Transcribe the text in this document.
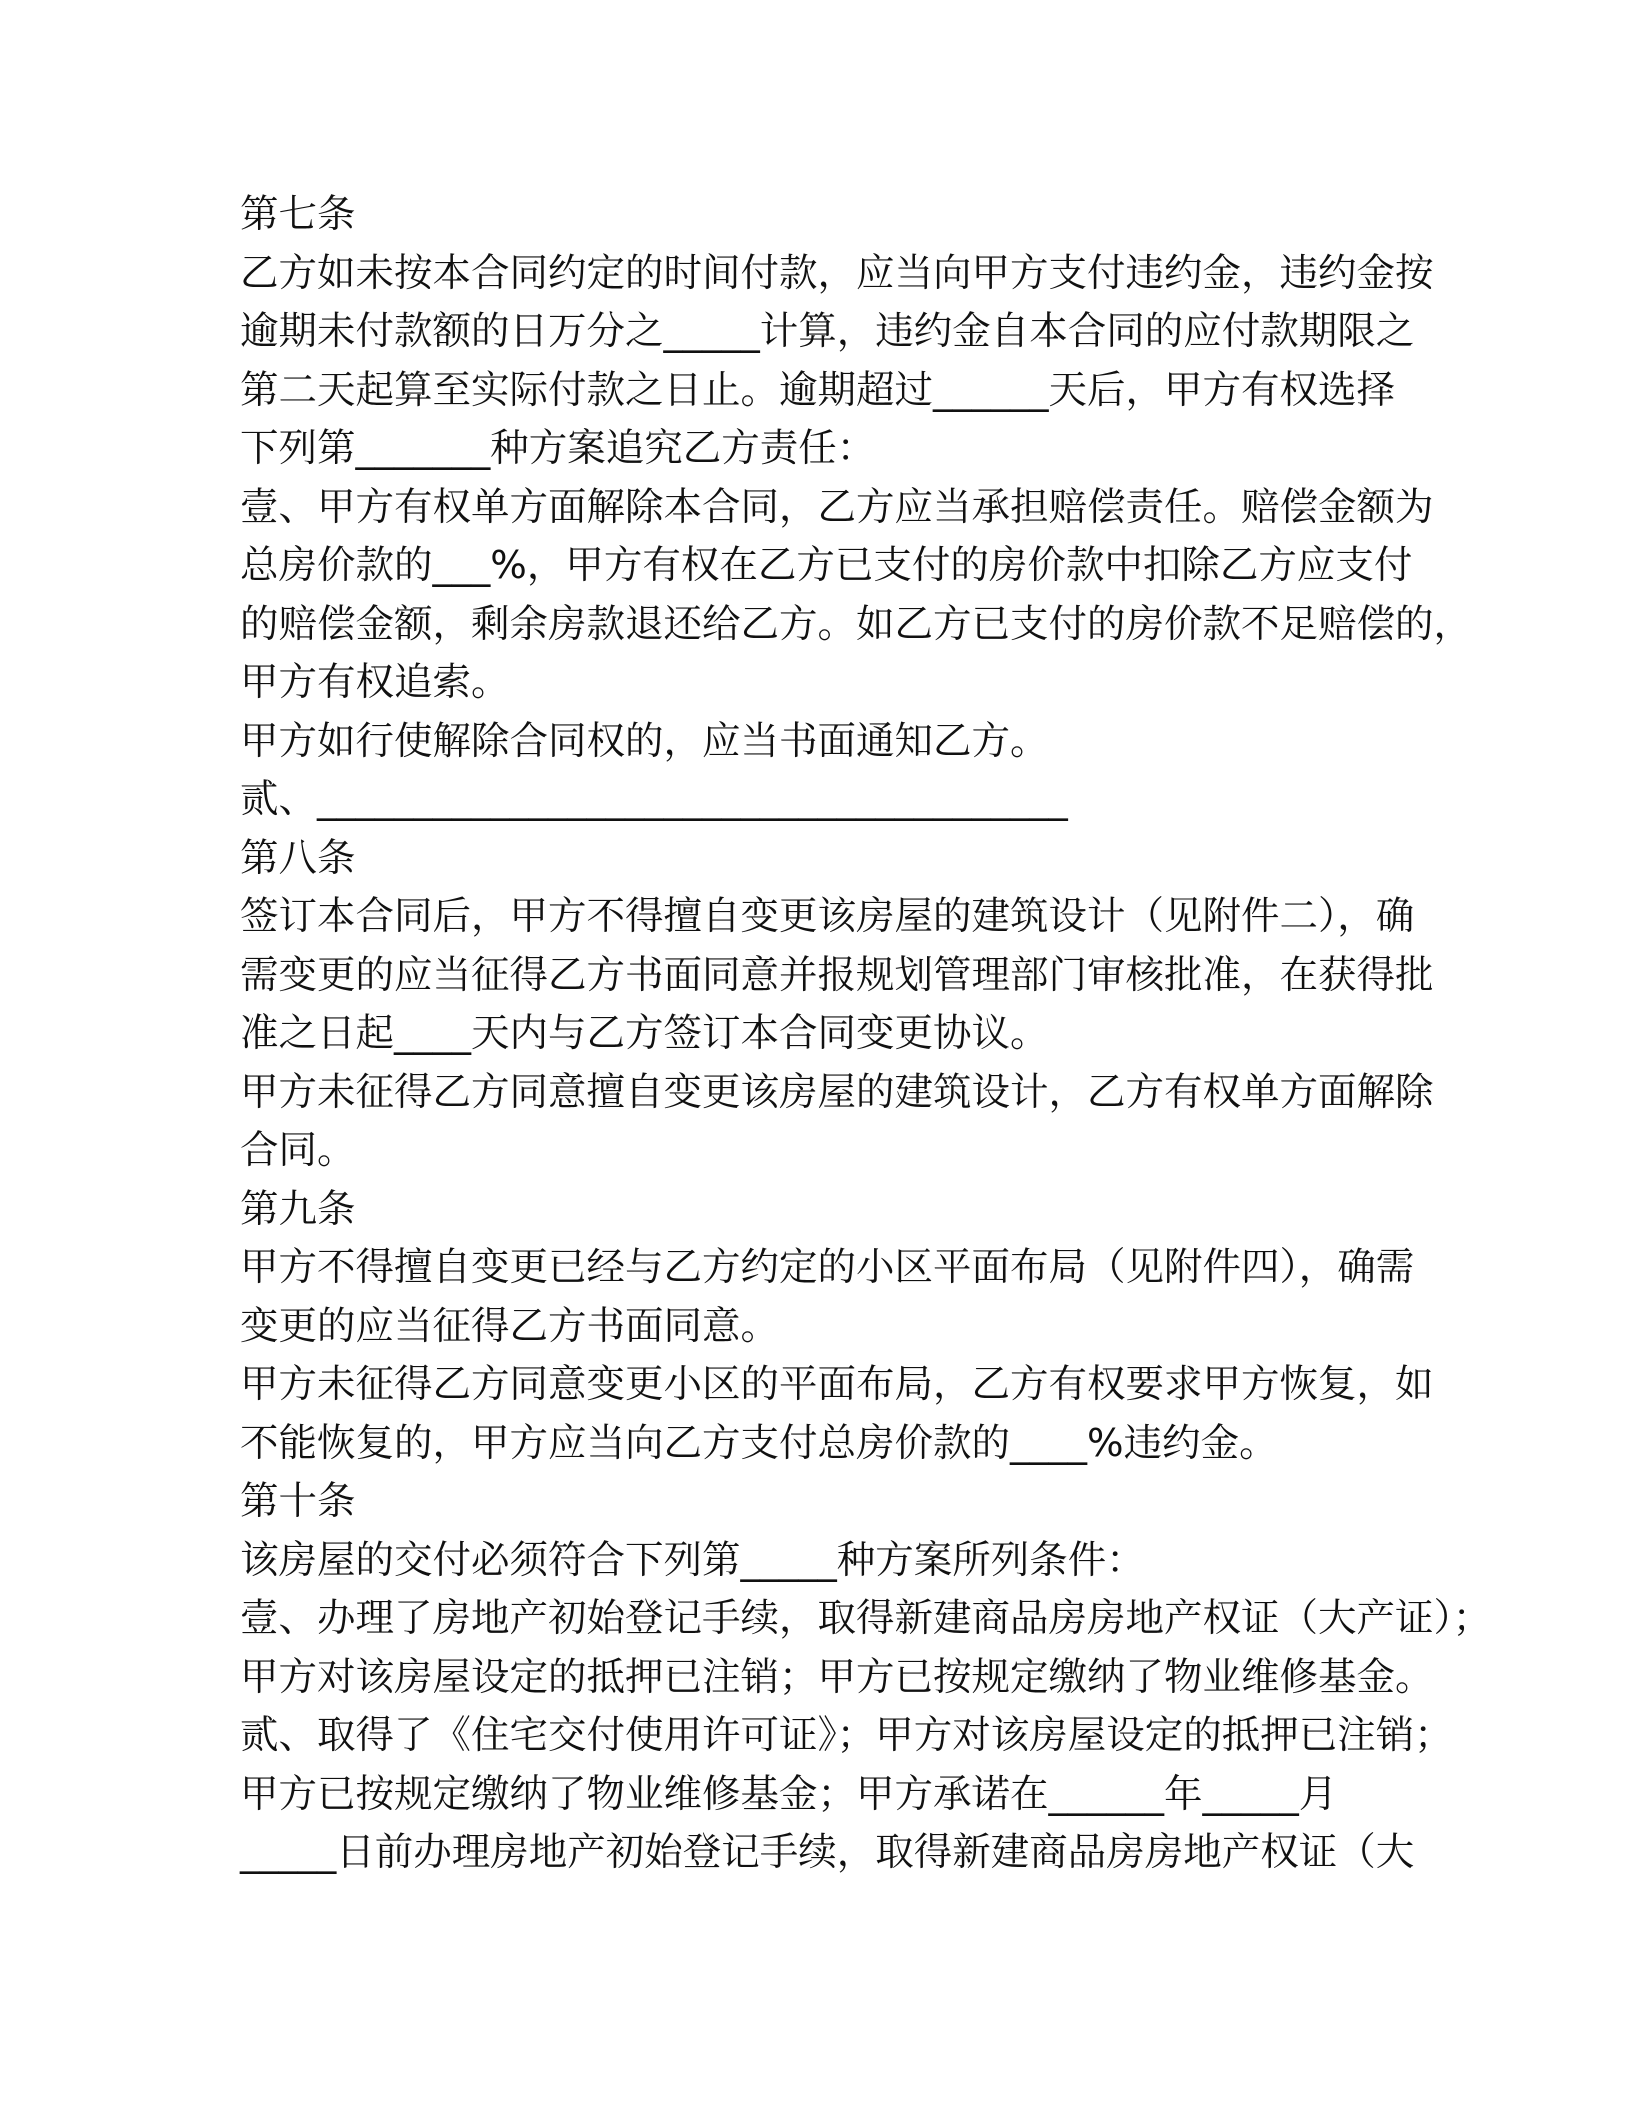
第七条
乙方如未按本合同约定的时间付款，应当向甲方支付违约金，违约金按
逾期未付款额的日万分之_____计算，违约金自本合同的应付款期限之
第二天起算至实际付款之日止。逾期超过______天后，甲方有权选择
下列第_______种方案追究乙方责任：
壹、甲方有权单方面解除本合同，乙方应当承担赔偿责任。赔偿金额为
总房价款的___%，甲方有权在乙方已支付的房价款中扣除乙方应支付
的赔偿金额，剩余房款退还给乙方。如乙方已支付的房价款不足赔偿的，
甲方有权追索。
甲方如行使解除合同权的，应当书面通知乙方。
贰、_______________________________________
第八条
签订本合同后，甲方不得擅自变更该房屋的建筑设计（见附件二），确
需变更的应当征得乙方书面同意并报规划管理部门审核批准，在获得批
准之日起____天内与乙方签订本合同变更协议。
甲方未征得乙方同意擅自变更该房屋的建筑设计，乙方有权单方面解除
合同。
第九条
甲方不得擅自变更已经与乙方约定的小区平面布局（见附件四），确需
变更的应当征得乙方书面同意。
甲方未征得乙方同意变更小区的平面布局，乙方有权要求甲方恢复，如
不能恢复的，甲方应当向乙方支付总房价款的____%违约金。
第十条
该房屋的交付必须符合下列第_____种方案所列条件：
壹、办理了房地产初始登记手续，取得新建商品房房地产权证（大产证）；
甲方对该房屋设定的抵押已注销；甲方已按规定缴纳了物业维修基金。
贰、取得了《住宅交付使用许可证》；甲方对该房屋设定的抵押已注销；
甲方已按规定缴纳了物业维修基金；甲方承诺在______年_____月
_____日前办理房地产初始登记手续，取得新建商品房房地产权证（大
